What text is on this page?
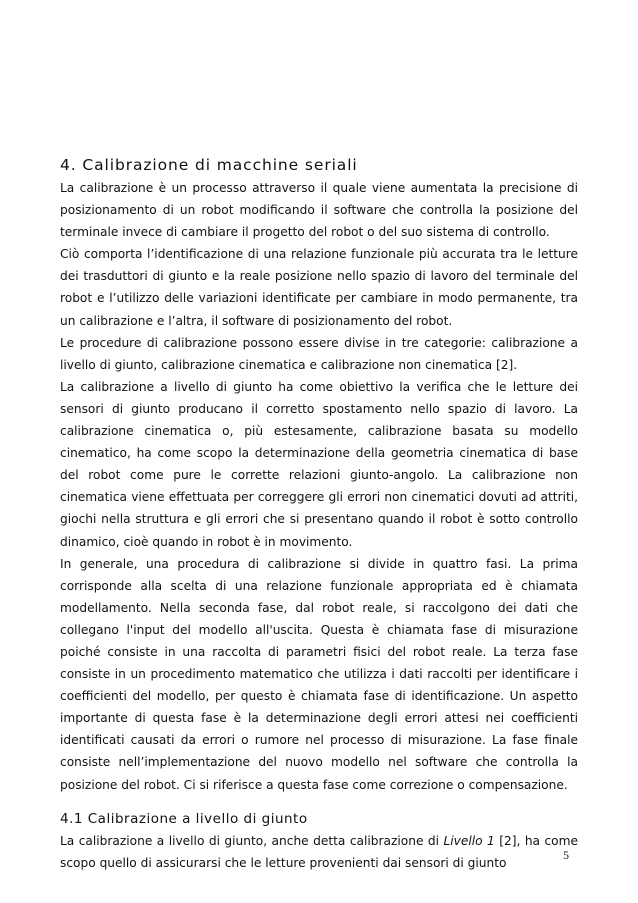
4. Calibrazione di macchine seriali

La calibrazione è un processo attraverso il quale viene aumentata la precisione di posizionamento di un robot modificando il software che controlla la posizione del terminale invece di cambiare il progetto del robot o del suo sistema di controllo.

Ciò comporta l’identificazione di una relazione funzionale più accurata tra le letture dei trasduttori di giunto e la reale posizione nello spazio di lavoro del terminale del robot e l’utilizzo delle variazioni identificate per cambiare in modo permanente, tra un calibrazione e l’altra, il software di posizionamento del robot.

Le procedure di calibrazione possono essere divise in tre categorie: calibrazione a livello di giunto, calibrazione cinematica e calibrazione non cinematica [2].

La calibrazione a livello di giunto ha come obiettivo la verifica che le letture dei sensori di giunto producano il corretto spostamento nello spazio di lavoro. La calibrazione cinematica o, più estesamente, calibrazione basata su modello cinematico, ha come scopo la determinazione della geometria cinematica di base del robot come pure le corrette relazioni giunto-angolo. La calibrazione non cinematica viene effettuata per correggere gli errori non cinematici dovuti ad attriti, giochi nella struttura e gli errori che si presentano quando il robot è sotto controllo dinamico, cioè quando in robot è in movimento.

In generale, una procedura di calibrazione si divide in quattro fasi. La prima corrisponde alla scelta di una relazione funzionale appropriata ed è chiamata modellamento. Nella seconda fase, dal robot reale, si raccolgono dei dati che collegano l'input del modello all'uscita. Questa è chiamata fase di misurazione poiché consiste in una raccolta di parametri fisici del robot reale. La terza fase consiste in un procedimento matematico che utilizza i dati raccolti per identificare i coefficienti del modello, per questo è chiamata fase di identificazione. Un aspetto importante di questa fase è la determinazione degli errori attesi nei coefficienti identificati causati da errori o rumore nel processo di misurazione. La fase finale consiste nell’implementazione del nuovo modello nel software che controlla la posizione del robot. Ci si riferisce a questa fase come correzione o compensazione.

4.1 Calibrazione a livello di giunto

La calibrazione a livello di giunto, anche detta calibrazione di Livello 1 [2], ha come scopo quello di assicurarsi che le letture provenienti dai sensori di giunto

5
